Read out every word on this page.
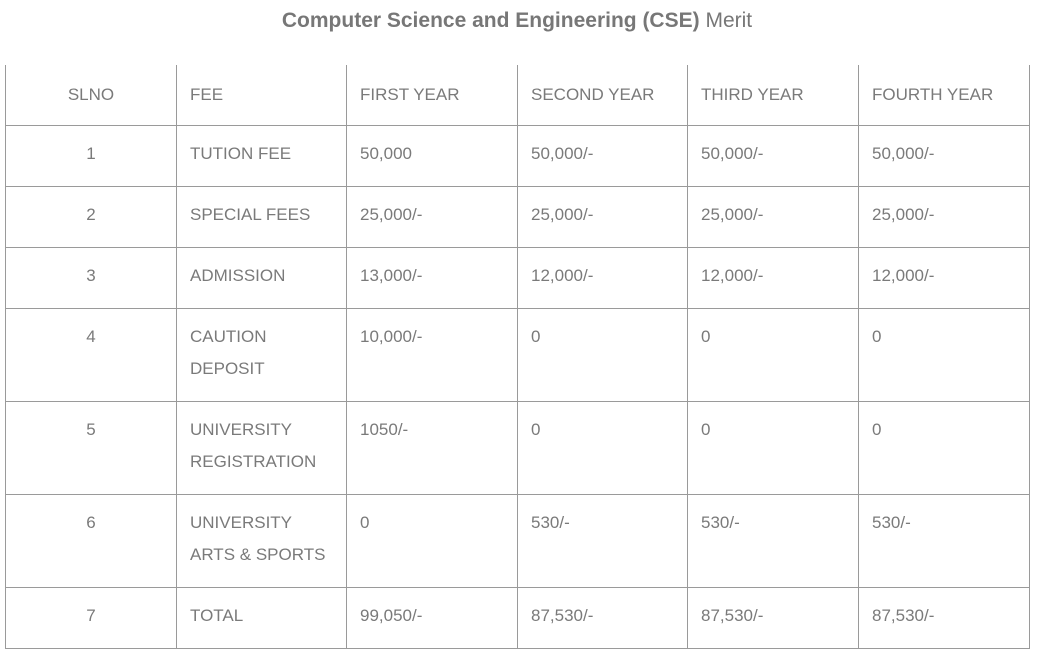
Computer Science and Engineering (CSE) Merit
SLNO	FEE	FIRST YEAR	SECOND YEAR	THIRD YEAR	FOURTH YEAR
1	TUTION FEE	50,000	50,000/-	50,000/-	50,000/-
2	SPECIAL FEES	25,000/-	25,000/-	25,000/-	25,000/-
3	ADMISSION	13,000/-	12,000/-	12,000/-	12,000/-
4	CAUTION DEPOSIT	10,000/-	0	0	0
5	UNIVERSITY REGISTRATION	1050/-	0	0	0
6	UNIVERSITY ARTS & SPORTS	0	530/-	530/-	530/-
7	TOTAL	99,050/-	87,530/-	87,530/-	87,530/-
